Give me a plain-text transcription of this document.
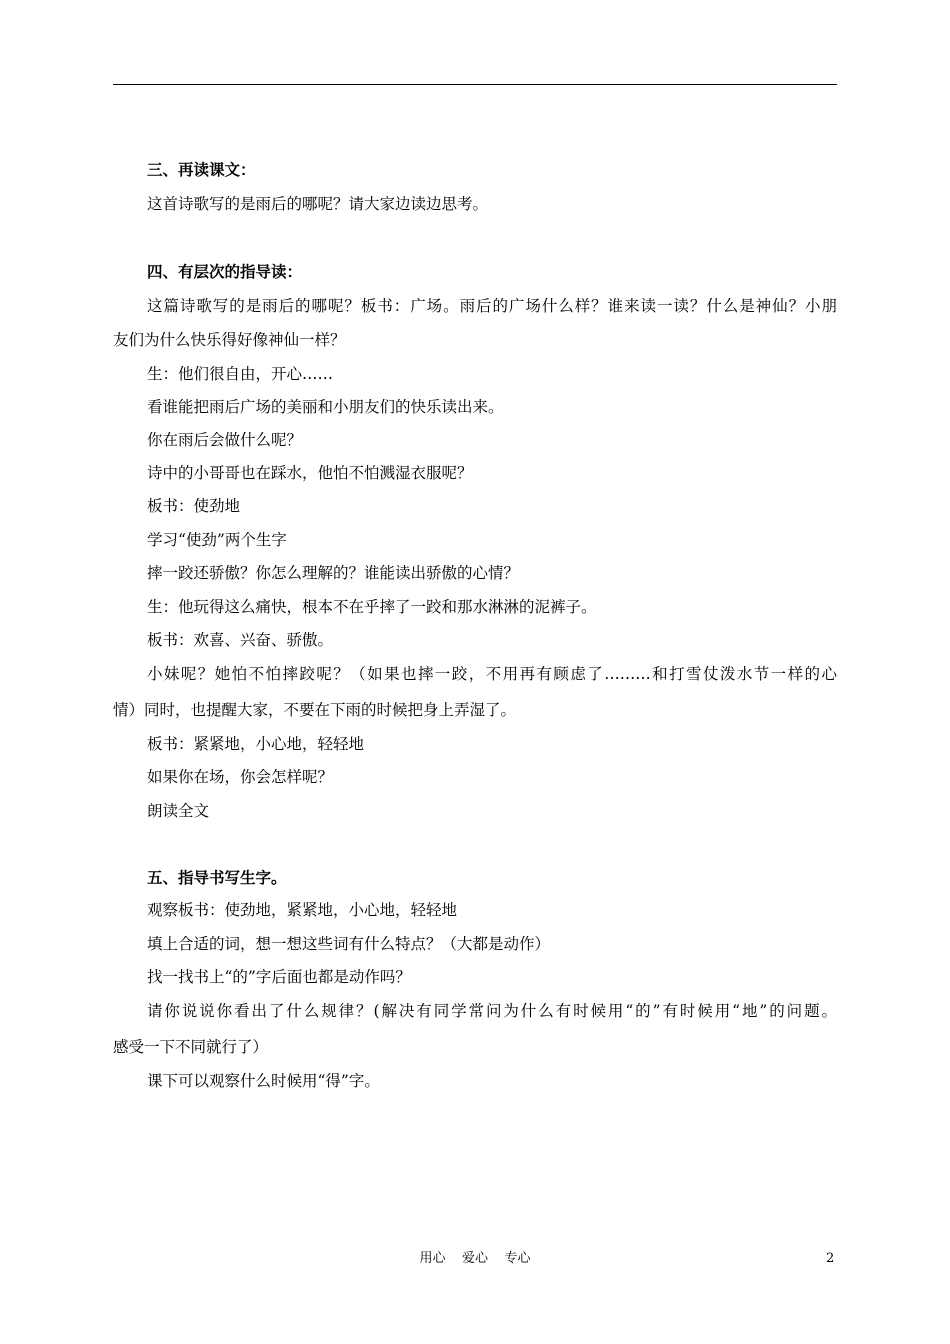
三、再读课文：
这首诗歌写的是雨后的哪呢？请大家边读边思考。
四、有层次的指导读：
这篇诗歌写的是雨后的哪呢？板书：广场。雨后的广场什么样？谁来读一读？什么是神仙？小朋
友们为什么快乐得好像神仙一样？
生：他们很自由，开心……
看谁能把雨后广场的美丽和小朋友们的快乐读出来。
你在雨后会做什么呢？
诗中的小哥哥也在踩水，他怕不怕溅湿衣服呢？
板书：使劲地
学习“使劲”两个生字
摔一跤还骄傲？你怎么理解的？谁能读出骄傲的心情？
生：他玩得这么痛快，根本不在乎摔了一跤和那水淋淋的泥裤子。
板书：欢喜、兴奋、骄傲。
小妹呢？她怕不怕摔跤呢？（如果也摔一跤，不用再有顾虑了………和打雪仗泼水节一样的心
情）同时，也提醒大家，不要在下雨的时候把身上弄湿了。
板书：紧紧地，小心地，轻轻地
如果你在场，你会怎样呢？
朗读全文
五、指导书写生字。
观察板书：使劲地，紧紧地，小心地，轻轻地
填上合适的词，想一想这些词有什么特点？（大都是动作）
找一找书上“的”字后面也都是动作吗？
请你说说你看出了什么规律？(解决有同学常问为什么有时候用“的”有时候用“地”的问题。
感受一下不同就行了）
课下可以观察什么时候用“得”字。
用心    爱心    专心	2
